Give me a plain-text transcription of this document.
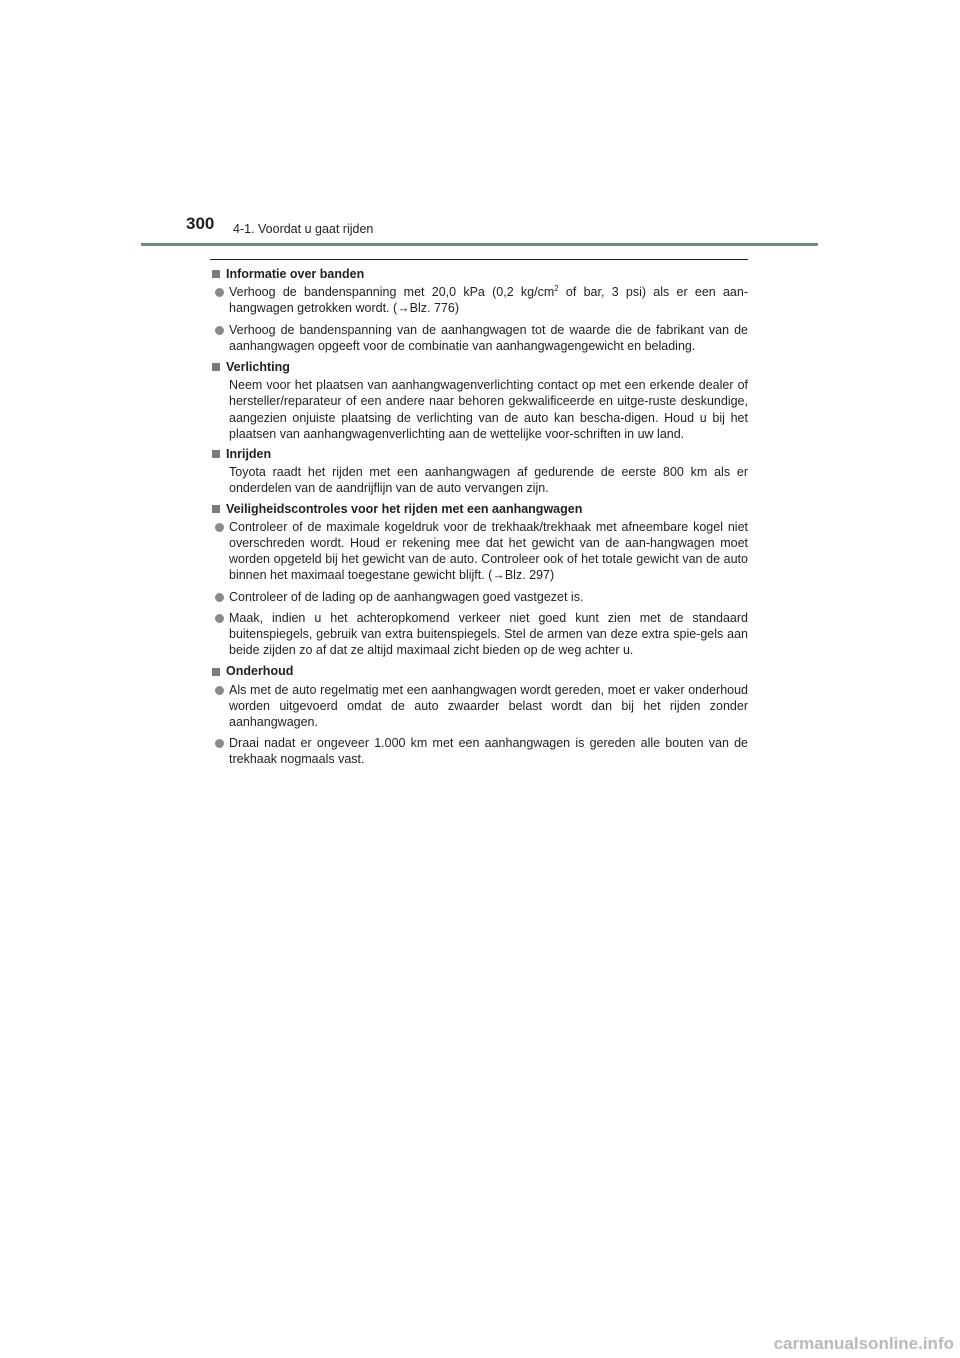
300 4-1. Voordat u gaat rijden
Informatie over banden
Verhoog de bandenspanning met 20,0 kPa (0,2 $kg/cm^2$ of bar, 3 psi) als er een aan-hangwagen getrokken wordt. (→Blz. 776)
Verhoog de bandenspanning van de aanhangwagen tot de waarde die de fabrikant van de aanhangwagen opgeeft voor de combinatie van aanhangwagengewicht en belading.
Verlichting
Neem voor het plaatsen van aanhangwagenverlichting contact op met een erkende dealer of hersteller/reparateur of een andere naar behoren gekwalificeerde en uitge-ruste deskundige, aangezien onjuiste plaatsing de verlichting van de auto kan bescha-digen. Houd u bij het plaatsen van aanhangwagenverlichting aan de wettelijke voor-schriften in uw land.
Inrijden
Toyota raadt het rijden met een aanhangwagen af gedurende de eerste 800 km als er onderdelen van de aandrijflijn van de auto vervangen zijn.
Veiligheidscontroles voor het rijden met een aanhangwagen
Controleer of de maximale kogeldruk voor de trekhaak/trekhaak met afneembare kogel niet overschreden wordt. Houd er rekening mee dat het gewicht van de aan-hangwagen moet worden opgeteld bij het gewicht van de auto. Controleer ook of het totale gewicht van de auto binnen het maximaal toegestane gewicht blijft. (→Blz. 297)
Controleer of de lading op de aanhangwagen goed vastgezet is.
Maak, indien u het achteropkomend verkeer niet goed kunt zien met de standaard buitenspiegels, gebruik van extra buitenspiegels. Stel de armen van deze extra spie-gels aan beide zijden zo af dat ze altijd maximaal zicht bieden op de weg achter u.
Onderhoud
Als met de auto regelmatig met een aanhangwagen wordt gereden, moet er vaker onderhoud worden uitgevoerd omdat de auto zwaarder belast wordt dan bij het rijden zonder aanhangwagen.
Draai nadat er ongeveer 1.000 km met een aanhangwagen is gereden alle bouten van de trekhaak nogmaals vast.
carmanualsonline.info
